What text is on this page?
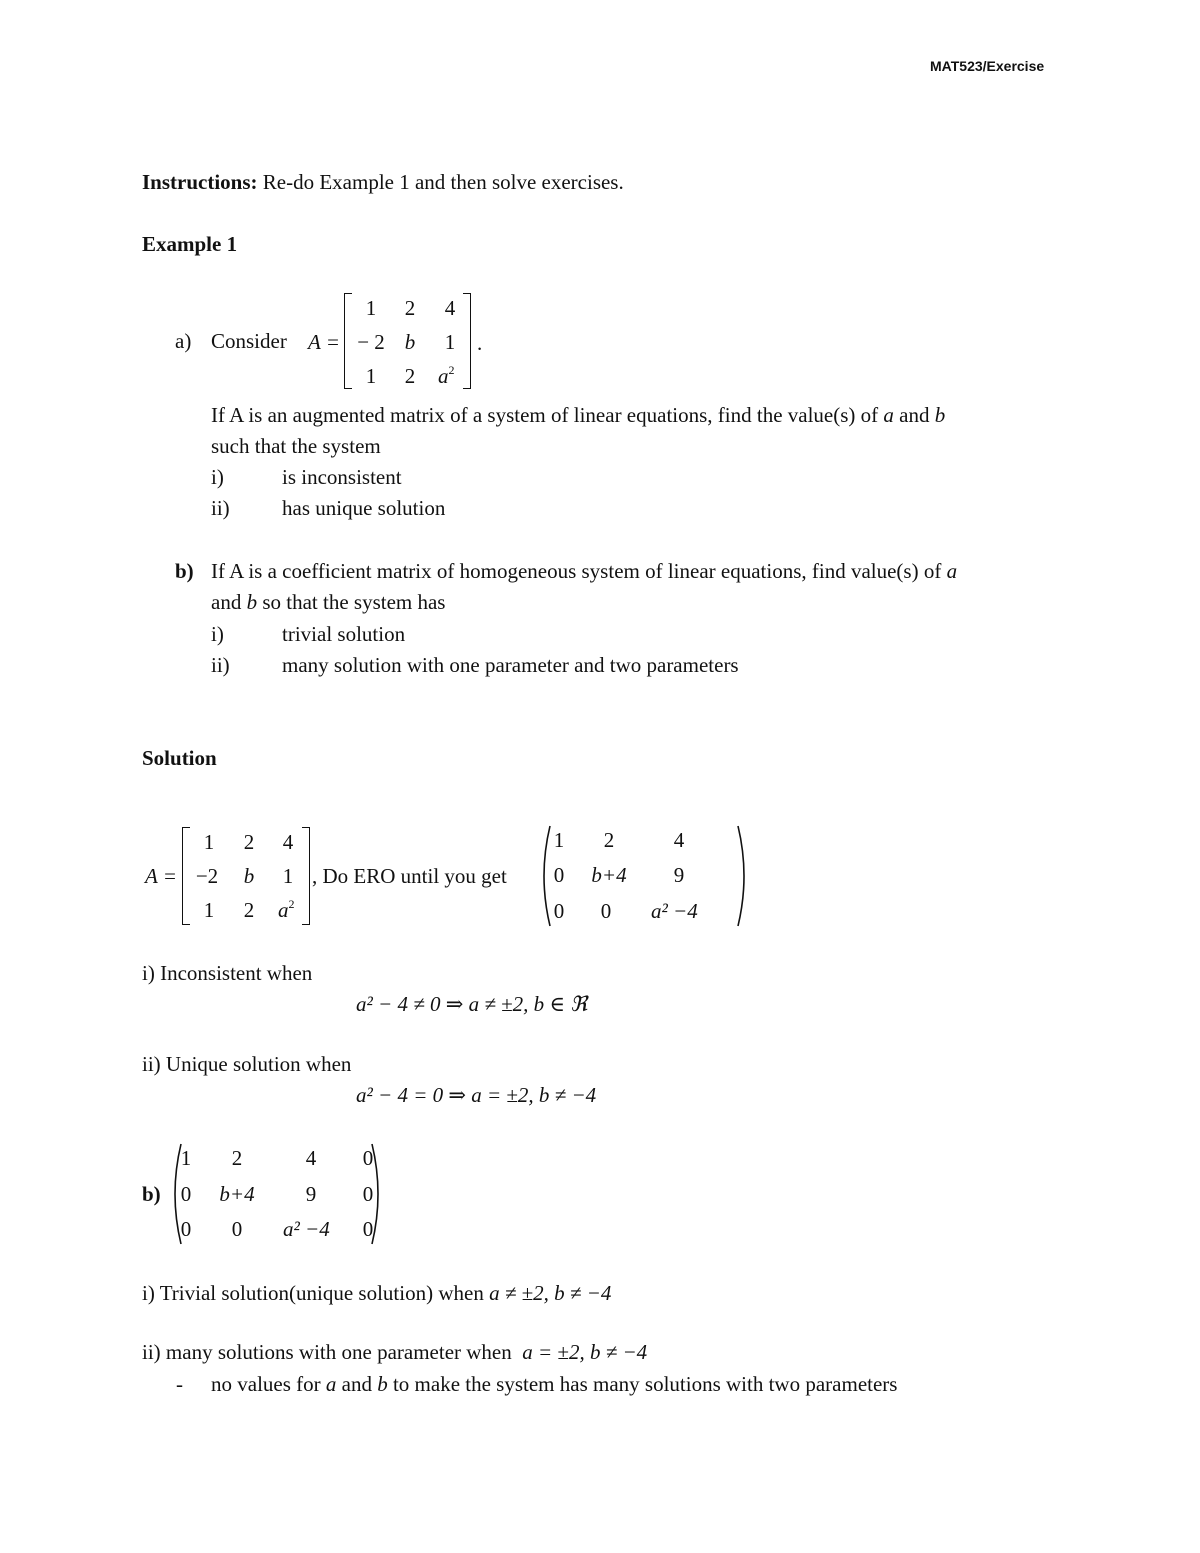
MAT523/Exercise
Instructions: Re-do Example 1 and then solve exercises.
Example 1
a) Consider A =
1	2	4
− 2 b	1
1	2	$a^2$
.
If A is an augmented matrix of a system of linear equations, find the value(s) of a and b
such that the system
i)	is inconsistent
ii) has unique solution
b) If A is a coefficient matrix of homogeneous system of linear equations, find value(s) of a
and b so that the system has
i)	trivial solution
ii) many solution with one parameter and two parameters
Solution
A =
1	2	4
−2	b	1
1	2	$a^2$
, Do ERO until you get
1	2	4
0	b+4	9
0	0	a² −4
i) Inconsistent when
a² − 4 ≠ 0 ⇒ a ≠ ±2, b ∈ ℜ
ii) Unique solution when
a² − 4 = 0 ⇒ a = ±2, b ≠ −4
b)
1	2	4	0
0	b+4	9	0
0	0	a² −4	0
i) Trivial solution(unique solution) when a ≠ ±2, b ≠ −4
ii) many solutions with one parameter when a = ±2, b ≠ −4
- no values for a and b to make the system has many solutions with two parameters
